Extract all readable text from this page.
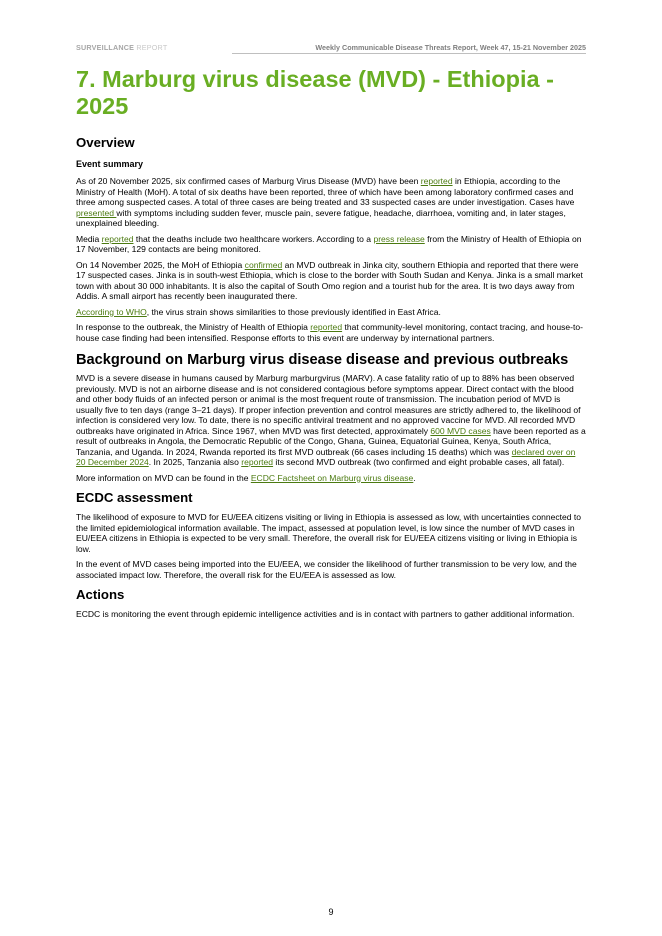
SURVEILLANCE REPORT	Weekly Communicable Disease Threats Report, Week 47, 15-21 November 2025
7. Marburg virus disease (MVD) - Ethiopia - 2025
Overview
Event summary

As of 20 November 2025, six confirmed cases of Marburg Virus Disease (MVD) have been reported in Ethiopia, according to the Ministry of Health (MoH). A total of six deaths have been reported, three of which have been among laboratory confirmed cases and three among suspected cases. A total of three cases are being treated and 33 suspected cases are under investigation. Cases have presented with symptoms including sudden fever, muscle pain, severe fatigue, headache, diarrhoea, vomiting and, in later stages, unexplained bleeding.

Media reported that the deaths include two healthcare workers. According to a press release from the Ministry of Health of Ethiopia on 17 November, 129 contacts are being monitored.

On 14 November 2025, the MoH of Ethiopia confirmed an MVD outbreak in Jinka city, southern Ethiopia and reported that there were 17 suspected cases. Jinka is in south-west Ethiopia, which is close to the border with South Sudan and Kenya. Jinka is a small market town with about 30 000 inhabitants. It is also the capital of South Omo region and a tourist hub for the area. It is two days away from Addis. A small airport has recently been inaugurated there.

According to WHO, the virus strain shows similarities to those previously identified in East Africa.

In response to the outbreak, the Ministry of Health of Ethiopia reported that community-level monitoring, contact tracing, and house-to-house case finding had been intensified. Response efforts to this event are underway by international partners.

Background on Marburg virus disease disease and previous outbreaks

MVD is a severe disease in humans caused by Marburg marburgvirus (MARV). A case fatality ratio of up to 88% has been observed previously. MVD is not an airborne disease and is not considered contagious before symptoms appear. Direct contact with the blood and other body fluids of an infected person or animal is the most frequent route of transmission. The incubation period of MVD is usually five to ten days (range 3–21 days). If proper infection prevention and control measures are strictly adhered to, the likelihood of infection is considered very low. To date, there is no specific antiviral treatment and no approved vaccine for MVD. All recorded MVD outbreaks have originated in Africa. Since 1967, when MVD was first detected, approximately 600 MVD cases have been reported as a result of outbreaks in Angola, the Democratic Republic of the Congo, Ghana, Guinea, Equatorial Guinea, Kenya, South Africa, Tanzania, and Uganda. In 2024, Rwanda reported its first MVD outbreak (66 cases including 15 deaths) which was declared over on 20 December 2024. In 2025, Tanzania also reported its second MVD outbreak (two confirmed and eight probable cases, all fatal).

More information on MVD can be found in the ECDC Factsheet on Marburg virus disease.

ECDC assessment

The likelihood of exposure to MVD for EU/EEA citizens visiting or living in Ethiopia is assessed as low, with uncertainties connected to the limited epidemiological information available. The impact, assessed at population level, is low since the number of MVD cases in EU/EEA citizens in Ethiopia is expected to be very small. Therefore, the overall risk for EU/EEA citizens visiting or living in Ethiopia is low.

In the event of MVD cases being imported into the EU/EEA, we consider the likelihood of further transmission to be very low, and the associated impact low. Therefore, the overall risk for the EU/EEA is assessed as low.

Actions

ECDC is monitoring the event through epidemic intelligence activities and is in contact with partners to gather additional information.

9
